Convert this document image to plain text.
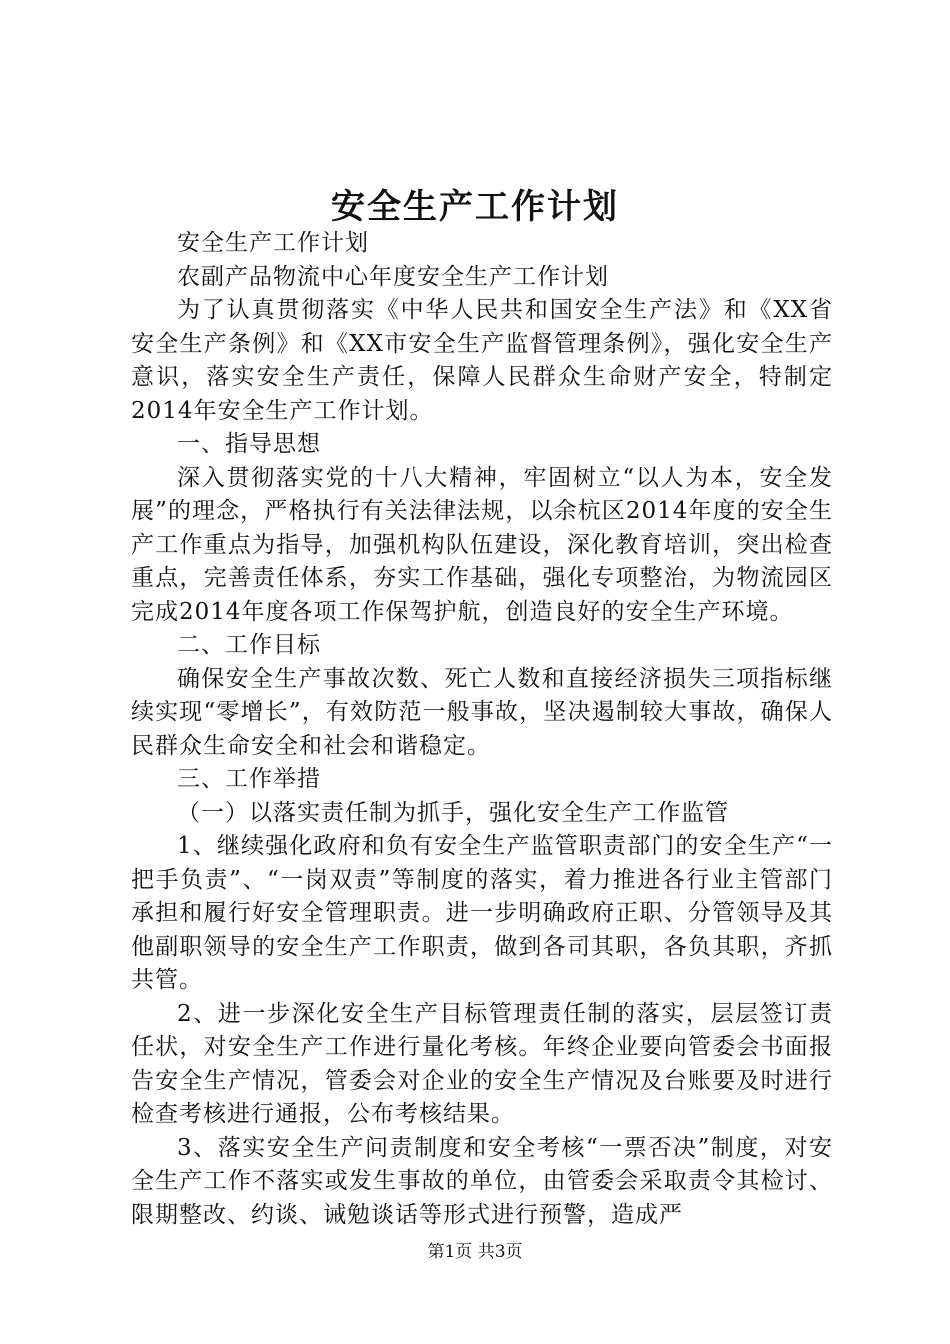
安全生产工作计划

安全生产工作计划

农副产品物流中心年度安全生产工作计划

为了认真贯彻落实《中华人民共和国安全生产法》和《XX省安全生产条例》和《XX市安全生产监督管理条例》，强化安全生产意识，落实安全生产责任，保障人民群众生命财产安全，特制定2014年安全生产工作计划。

一、指导思想

深入贯彻落实党的十八大精神，牢固树立“以人为本，安全发展”的理念，严格执行有关法律法规，以余杭区2014年度的安全生产工作重点为指导，加强机构队伍建设，深化教育培训，突出检查重点，完善责任体系，夯实工作基础，强化专项整治，为物流园区完成2014年度各项工作保驾护航，创造良好的安全生产环境。

二、工作目标

确保安全生产事故次数、死亡人数和直接经济损失三项指标继续实现“零增长”，有效防范一般事故，坚决遏制较大事故，确保人民群众生命安全和社会和谐稳定。

三、工作举措

（一）以落实责任制为抓手，强化安全生产工作监管

1、继续强化政府和负有安全生产监管职责部门的安全生产“一把手负责”、“一岗双责”等制度的落实，着力推进各行业主管部门承担和履行好安全管理职责。进一步明确政府正职、分管领导及其他副职领导的安全生产工作职责，做到各司其职，各负其职，齐抓共管。

2、进一步深化安全生产目标管理责任制的落实，层层签订责任状，对安全生产工作进行量化考核。年终企业要向管委会书面报告安全生产情况，管委会对企业的安全生产情况及台账要及时进行检查考核进行通报，公布考核结果。

3、落实安全生产问责制度和安全考核“一票否决”制度，对安全生产工作不落实或发生事故的单位，由管委会采取责令其检讨、限期整改、约谈、诫勉谈话等形式进行预警，造成严

第1页 共3页
